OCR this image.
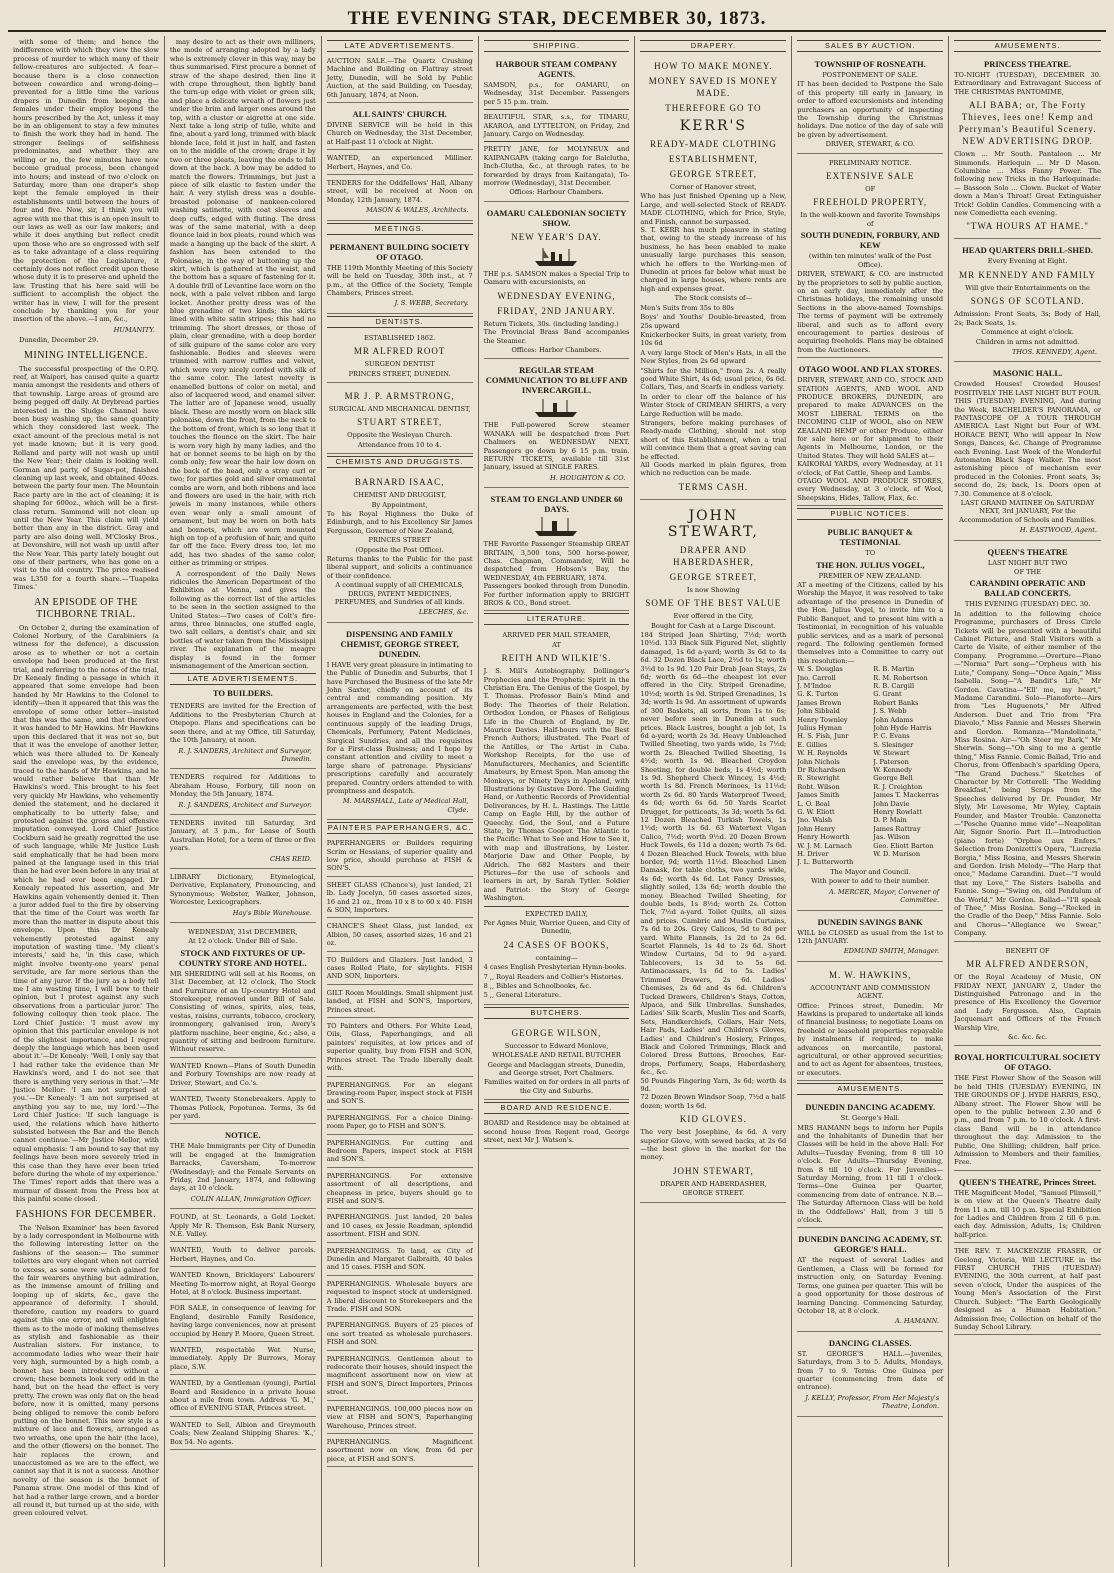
THE EVENING STAR, DECEMBER 30, 1873.

with some of them; and hence the indifference with which they view the slow process of murder to which many of their fellow-creatures are subjected. A fear—because there is a close connection between cowardice and wrong-doing—prevented for a little time the various drapers in Dunedin from keeping the females under their employ beyond the hours prescribed by the Act, unless it may be in an obligement to stay a few minutes to finish the work they had in hand. The stronger feelings of selfishness predominates, and whether they are willing or no, the few minutes have now become gradual process, been changed into hours; and instead of two o'clock on Saturday, more than one draper's shop kept the female employed in their establishments until between the hours of four and five. Now, sir, I think you will agree with me that this is an open insult to our laws as well as our law makers; and while it does anything but reflect credit upon those who are so engrossed with self as to take advantage of a class requiring the protection of the Legislature, it certainly does not reflect credit upon those whose duty it is to preserve and uphold the law. Trusting that his here said will be sufficient to accomplish the object the writer has in view, I will for the present conclude by thanking you for your insertion of the above.—I am, &c.,

HUMANITY.

Dunedin, December 29.

MINING INTELLIGENCE.

The successful prospecting of the O.P.Q. reef, at Waipori, has caused quite a quartz mania amongst the residents and others of that township. Large areas of ground are being pegged off daily. At Drybread parties interested in the Sludge Channel have been busy washing up, the same quantity which they considered last week. The exact amount of the precious metal is not yet made known; but it is very good. Rolland and party will not wash up until the New Year; their claim is looking well. Gorman and party, of Sugar-pot, finished cleaning up last week, and obtained 40ozs. between the party four men. The Mountain Race party are in the act of cleaning; it is shaping for 600oz., which will be a first-class return. Sammond will not clean up until the New Year. This claim will yield better than any in the district. Gray and party are also doing well. M'Closky Bros., at Devonshire, will not wash up until after the New Year. This party lately bought out one of their partners, who has gone on a visit to the old country. The price realised was L350 for a fourth share.—'Tuapeka Times.'

AN EPISODE OF THE TICHBORNE TRIAL.

On October 2, during the examination of Colonel Norbury, of the Carabiniers (a witness for the defence), a discussion arose as to whether or not a certain envelope had been produced at the first trial, and referring to the notes of the trial, Dr Kenealy finding a passage in which it appeared that some envelope had been handed by Mr Hawkins to the Colonel to identify—then it appeared that this was the envelope of some other letter—insisted that this was the same, and that therefore it was handed to Mr Hawkins. Mr Hawkins upon this declared that it was not so, but that it was the envelope of another letter, which was there alluded to. Dr Kenealy said the envelope was, by the evidence, traced to the hands of Mr Hawkins, and he would rather believe that than Mr Hawkins's word. This brought to his feet very quickly Mr Hawkins, who vehemently denied the statement, and he declared it emphatically to be utterly false, and protested against the gross and offensive imputation conveyed. Lord Chief Justice Cockburn said he greatly regretted the use of such language, while Mr Justice Lush said emphatically that he had been more pained at the language used in this trial than he had ever been before in any trial at which he had ever been engaged. Dr Kenealy repeated his assertion, and Mr Hawkins again vehemently denied it. Then a juror added fuel to the fire by observing that the time of the Court was worth far more than the matter in dispute about this envelope. Upon this Dr Kenealy vehemently protested against any imputation of wasting time. 'My client's interests,' said he, 'in this case, which might involve twenty-one years' penal servitude, are far more serious than the time of any juror. If the jury as a body tell me I am wasting time, I will bow to their opinion, but I protest against any such observations from a particular juror.' The following colloquy then took place. The Lord Chief Justice: 'I must avow my opinion that this particular envelope is not of the slightest importance, and I regret deeply the language which has been used about it.'—Dr Kenealy: 'Well, I only say that I had rather take the evidence than Mr Hawkins's word, and I do not see that there is anything very serious in that.'—Mr Justice Mellor: 'I am not surprised at you.'—Dr Kenealy: 'I am not surprised at anything you say to me, my lord.'—The Lord Chief Justice: 'If such language is used, the relations which have hitherto subsisted between the Bar and the Bench cannot continue.'—Mr Justice Mellor, with equal emphasis: 'I am bound to say that my feelings have been more severely tried in this case than they have ever been tried before during the whole of my experience.' The 'Times' report adds that there was a murmur of dissent from the Press box at this painful scene closed.

FASHIONS FOR DECEMBER.

The 'Nelson Examiner' has been favored by a lady correspondent in Melbourne with the following interesting letter on the fashions of the season:— The summer toilettes are very elegant when not carried to excess, as some were which gained for the fair wearers anything but admiration, as the immense amount of frilling and looping up of skirts, &c., gave the appearance of deformity. I should, therefore, caution my readers to guard against this one error, and will enlighten them as to the mode of making themselves as stylish and fashionable as their Australian sisters. For instance, to accommodate ladies who wear their hair very high, surmounted by a high comb, a bonnet has been introduced without a crown; these bonnets look very odd in the hand, but on the head the effect is very pretty. The crown was only flat on the head before, now it is omitted, many persons being obliged to remove the comb before putting on the bonnet. This new style is a mixture of lace and flowers, arranged as two wreaths, one upon the hair (the lace), and the other (flowers) on the bonnet. The hair replaces the crown, and unaccustomed as we are to the effect, we cannot say that it is not a success. Another novelty of the season is the bonnet of Panama straw. One model of this kind of hat had a rather large crown, and a border all round it, but turned up at the side, with green coloured velvet.

may desire to act as their own milliners, the mode of arranging adopted by a lady who is extremely clever in this way, may be thus summarised. First procure a bonnet of straw of the shape desired, then line it with crape throughout, then lightly band the turn-up edge with violet or green silk, and place a delicate wreath of flowers just under the brim and larger ones around the top, with a cluster or aigrette at one side. Next take a long strip of tulle, white and fine, about a yard long, trimmed with black blonde lace, fold it just in half, and fasten on to the middle of the crown; drape it by two or three pleats, leaving the ends to fall down at the back. A bow may be added to match the flowers. Trimmings, but just a piece of silk elastic to fasten under the hair. A very stylish dress was a double-breasted polonaise of nankeen-colored washing satinette, with coat sleeves and deep cuffs, edged with fluting. The dress was of the same material, with a deep flounce laid in box pleats, round which was made a hanging up the back of the skirt. A fashion has been extended to the Polonaise, in the way of buttoning up the skirt, which is gathered at the waist, and the bottom has a square of fastening for it. A double frill of Levantine lace worn on the neck, with a pale velvet ribbon and large locket. Another pretty dress was of the blue grenadine of two kinds; the skirts lined with white satin stripes; this had no trimming. The short dresses, or those of plain, clear grenadine, with a deep border of silk guipure of the same color are very fashionable. Bodies and sleeves were trimmed with narrow ruffles and velvet, which were very nicely corded with silk of the same color. The latest novelty is enamelled buttons of color on metal, and also of lacquered wood, and enamel silver. The latter are of Japanese wood, usually black. These are mostly worn on black silk polonaise, down the front, from the neck to the bottom of front, which is so long that it touches the flounce on the skirt. The hair is worn very high by many ladies, and the hat or bonnet seems to be high on by the comb only; few wear the hair low down on the back of the head, only a stray curl or two; for parties gold and silver ornamental combs are worn, and both ribbons and lace and flowers are used in the hair, with rich jewels in many instances, while others even wear only a small amount of ornament, but may be worn on both hats and bonnets, which are worn mounted high on top of a profusion of hair, and quite far off the face. Every dress too, let me add, has two shades of the same color, either as trimming or stripes.

A correspondent of the Daily News ridicules the American Department of the Exhibition at Vienna, and gives the following as the correct list of the articles to be seen in the section assigned to the United States:—Two cases of Colt's fire-arms, three binnacles, one stuffed eagle, two salt cellars, a dentist's chair, and six bottles of water taken from the Mississippi river. The explanation of the meagre display is found in the former mismanagement of the American section.

LATE ADVERTISEMENTS.
TO BUILDERS.

TENDERS are invited for the Erection of Additions to the Presbyterian Church at Otepopo. Plans and specifications can be seen there, and at my Office, till Saturday, the 10th January, at noon.

R. J. SANDERS, Architect and Surveyor, Dunedin.

TENDERS required for Additions to Abraham House, Forbury, till noon on Monday, the 5th January, 1874.

R. J. SANDERS, Architect and Surveyor.

TENDERS invited till Saturday, 3rd January, at 3 p.m., for Lease of South Australian Hotel, for a term of three or five years.

CHAS REID.

LIBRARY Dictionary, Etymological, Derivative, Explanatory, Pronouncing, and Synonymous; Webster, Walker, Johnson, Worcester, Lexicographers.

Hay's Bible Warehouse.

WEDNESDAY, 31st DECEMBER,
At 12 o'clock. Under Bill of Sale.
STOCK AND FIXTURES OF UP-COUNTRY STORE AND HOTEL.

MR SHERIDING will sell at his Rooms, on 31st December, at 12 o'clock, The Stock and Furniture of an Up-country Hotel and Storekeeper, removed under Bill of Sale. Consisting of wines, spirits, ales, teas, vestas, raisins, currants, tobacco, crockery, ironmongery, galvanised iron, Avery's platform machine, beer engine, &c.; also, a quantity of sitting and bedroom furniture. Without reserve.

WANTED Known—Plans of South Dunedin and Forbury Townships are now ready at Driver, Stewart, and Co.'s.

WANTED, Twenty Stonebreakers. Apply to Thomas Pollock, Popotunoa. Terms, 3s 6d per yard.

NOTICE.

THE Male Immigrants per City of Dunedin will be engaged at the Immigration Barracks, Caversham, To-morrow (Wednesday); and the Female Servants on Friday, 2nd January, 1874, and following days, at 10 o'clock.

COLIN ALLAN, Immigration Officer.

FOUND, at St. Leonards, a Gold Locket. Apply Mr R. Thomson, Esk Bank Nursery, N.E. Valley.

WANTED, Youth to deliver parcels. Herbert, Haynes, and Co.

WANTED Known, Bricklayers' Labourers' Meeting To-morrow night, at Royal George Hotel, at 8 o'clock. Business important.

FOR SALE, in consequence of leaving for England, desirable Family Residence, having large conveniences, now at present occupied by Henry P. Moore, Queen Street.

WANTED, respectable Wet Nurse, immediately. Apply Dr Burrows, Moray place, S.W.

WANTED, by a Gentleman (young), Partial Board and Residence in a private house about a mile from town. Address 'G. M.,' office of EVENING STAR, Princes street.

WANTED to Sell, Albion and Greymouth Coals; New Zealand Shipping Shares. 'K.,' Box 54. No agents.

LATE ADVERTISEMENTS.

AUCTION SALE.—The Quartz Crushing Machine and Building on Flattray street Jetty, Dunedin, will be Sold by Public Auction, at the said Building, on Tuesday, 6th January, 1874, at Noon.

ALL SAINTS' CHURCH.

DIVINE SERVICE will be held in this Church on Wednesday, the 31st December, at Half-past 11 o'clock at Night.

WANTED, an experienced Milliner. Herbert, Haynes, and Co.

TENDERS for the Oddfellows' Hall, Albany street, will be received at Noon on Monday, 12th January, 1874.

MASON & WALES, Architects.

MEETINGS.
PERMANENT BUILDING SOCIETY OF OTAGO.

THE 119th Monthly Meeting of this Society will be held on Tuesday, 30th inst., at 7 p.m., at the Office of the Society, Temple Chambers, Princes street.

J. S. WEBB, Secretary.

DENTISTS.
ESTABLISHED 1862.
MR ALFRED ROOT
SURGEON DENTIST
PRINCES STREET, DUNEDIN.
MR J. P. ARMSTRONG,
SURGICAL AND MECHANICAL DENTIST,
STUART STREET,
Opposite the Wesleyan Church.
Attendance from 10 to 4.
CHEMISTS AND DRUGGISTS.
BARNARD ISAAC,
CHEMIST AND DRUGGIST,
By Appointment,

To his Royal Highness the Duke of Edinburgh, and to his Excellency Sir James Fergusson, Governor of New Zealand,

PRINCES STREET
(Opposite the Post Office).

Returns thanks to the Public for the past liberal support, and solicits a continuance of their confidence.

A continual supply of all CHEMICALS, DRUGS, PATENT MEDICINES, PERFUMES, and Sundries of all kinds.

LEECHES, &c.

DISPENSING AND FAMILY CHEMIST, GEORGE STREET, DUNEDIN.

I HAVE very great pleasure in intimating to the Public of Dunedin and Suburbs, that I have Purchased the Business of the late Mr John Saxter, chiefly on account of its central and commanding position. My arrangements are perfected, with the best houses in England and the Colonies, for a continuous supply of the leading Drugs, Chemicals, Perfumery, Patent Medicines, Surgical Sundries, and all the requisites for a First-class Business; and I hope by constant attention and civility to meet a large share of patronage. Physicians' prescriptions carefully and accurately prepared. Country orders attended to with promptness and despatch.

M. MARSHALL, Late of Medical Hall, Clyde.

PAINTERS PAPERHANGERS, &C.

PAPERHANGERS or Builders requiring Scrim or Hessians, of superior quality and low price, should purchase at FISH & SON'S.

SHEET GLASS (Chance's), just landed, 21 lb. Lady Jocelyn, 50 cases assorted sizes, 16 and 21 oz., from 10 x 8 to 60 x 40. FISH & SON, Importers.

CHANCE'S Sheet Glass, just landed, ex Albion, 50 cases, assorted sizes, 16 and 21 oz.

TO Builders and Glaziers. Just landed, 3 cases Rolled Plate, for skylights. FISH AND SON, Importers.

GILT Room Mouldings. Small shipment just landed, at FISH and SON'S, Importers, Princes street.

TO Painters and Others. For White Lead, Oils, Glass, Paperhangings, and all painters' requisites, at low prices and of superior quality, buy from FISH and SON, Princes street. The Trade liberally dealt with.

PAPERHANGINGS. For an elegant Drawing-room Paper, inspect stock at FISH and SON'S.

PAPERHANGINGS. For a choice Dining-room Paper, go to FISH and SON'S.

PAPERHANGINGS. For cutting and Bedroom Papers, inspect stock at FISH and SON'S.

PAPERHANGINGS. For extensive assortment of all descriptions, and cheapness in price, buyers should go to FISH and SON'S.

PAPERHANGINGS. Just landed, 20 bales and 10 cases, ex Jessie Readman, splendid assortment. FISH and SON.

PAPERHANGINGS. To land, ex City of Dunedin and Margaret Galbraith, 40 bales and 15 cases. FISH and SON.

PAPERHANGINGS. Wholesale buyers are requested to inspect stock at undersigned. A liberal discount to Storekeepers and the Trade. FISH and SON.

PAPERHANGINGS. Buyers of 25 pieces of one sort treated as wholesale purchasers. FISH and SON.

PAPERHANGINGS. Gentlemen about to redecorate their houses, should inspect the magnificent assortment now on view at FISH and SON'S, Direct Importers, Princes street.

PAPERHANGINGS. 100,000 pieces now on view at FISH and SON'S, Paperhanging Warehouse, Princes street.

PAPERHANGINGS. Magnificent assortment now on view, from 6d per piece, at FISH and SON'S.

SHIPPING.
HARBOUR STEAM COMPANY AGENTS.

SAMSON, p.s., for OAMARU, on Wednesday, 31st December. Passengers per 5 15 p.m. train.

BEAUTIFUL STAR, s.s., for TIMARU, AKAROA, and LYTTELTON, on Friday, 2nd January. Cargo on Wednesday.

PRETTY JANE, for MOLYNEUX and KAIPANGAPA (taking cargo for Balclutha, Inch-Clutha, &c., at through rates, to be forwarded by drays from Kaitangata), To-morrow (Wednesday), 31st December.

Offices: Harbour Chambers.
OAMARU CALEDONIAN SOCIETY SHOW.
NEW YEAR'S DAY.

THE p.s. SAMSON makes a Special Trip to Oamaru with excursionists, on

WEDNESDAY EVENING,
FRIDAY, 2ND JANUARY.

Return Tickets, 30s. (including landing.)

The Provincial Brass Band accompanies the Steamer.

Offices: Harbor Chambers.
REGULAR STEAM COMMUNICATION TO BLUFF AND INVERCARGILL.

THE Full-powered Screw steamer WANAKA will be despatched from Port Chalmers on WEDNESDAY NEXT. Passengers go down by 6 15 p.m. train. RETURN TICKETS, available till 31st January, issued at SINGLE FARES.

H. HOUGHTON & CO.

STEAM TO ENGLAND UNDER 60 DAYS.

THE Favorite Passenger Steamship GREAT BRITAIN, 3,500 tons, 500 horse-power, Chas. Chapman, Commander, Will be despatched from Hobson's Bay, the WEDNESDAY, 4th FEBRUARY, 1874.

Passengers booked through from Dunedin. For further information apply to BRIGHT BROS & CO., Bond street.

LITERATURE.
ARRIVED PER MAIL STEAMER,
AT
REITH AND WILKIE'S.

J. S. Mill's Autobiography. Dollinger's Prophecies and the Prophetic Spirit in the Christian Era. The Genius of the Gospel, by T. Thomas. Professor Bain's Mind and Body: The Theories of their Relation. Orthodox London, or Phases of Religious Life in the Church of England, by Dr. Maurice Davies. Half-hours with the Best French Authors; illustrated. The Pearl of the Antilles, or The Artist in Cuba. Workshop Receipts, for the use of Manufacturers, Mechanics, and Scientific Amateurs, by Ernest Spon. Man among the Monkeys, or Ninety Days in Apeland, with Illustrations by Gustave Doré. The Guiding Hand, or Authentic Records of Providential Deliverances, by H. L. Hastings. The Little Camp on Eagle Hill, by the author of Queechy. God, the Soul, and a Future State, by Thomas Cooper. The Atlantic to the Pacific: What to See and How to See it, with map and illustrations, by Lester. Marjorie Daw and Other People, by Aldrich. The 682 Masters and their Pictures—for the use of schools and learners in art, by Sarah Tytler. Soldier and Patriot: the Story of George Washington.

EXPECTED DAILY,
Per Agnes Muir, Warrior Queen, and City of Dunedin,
24 CASES OF BOOKS,
containing—

4 cases English Presbyterian Hymn-books.

7 ,, Royal Readers and Collier's Histories.

8 ,, Bibles and Schoolbooks, &c.

5 ,, General Literature.

BUTCHERS.
GEORGE WILSON,
Successor to Edward Monlove,
WHOLESALE AND RETAIL BUTCHER

George and Maclaggan streets, Dunedin, and George street, Port Chalmers.

Families waited on for orders in all parts of the City and Suburbs.

BOARD AND RESIDENCE.

BOARD and Residence may be obtained at second house from Regent road, George street, next Mr J. Watson's.

DRAPERY.
HOW TO MAKE MONEY.
MONEY SAVED IS MONEY MADE.
THEREFORE GO TO
KERR'S
READY-MADE CLOTHING
ESTABLISHMENT,
GEORGE STREET,
Corner of Hanover street,

Who has just finished Opening up a New, Large, and well-selected Stock of READY-MADE CLOTHING, which for Price, Style, and Finish, cannot be surpassed.

S. T. KERR has much pleasure in stating that, owing to the steady increase of his business, he has been enabled to make unusually large purchases this season, which he offers to the Working-men of Dunedin at prices far below what must be charged in large houses, where rents are high and expenses great.

The Stock consists of—

Men's Suits from 35s to 80s

Boys' and Youths' Double-breasted, from 25s upward

Knickerbocker Suits, in great variety, from 10s 6d

A very large Stock of Men's Hats, in all the New Styles, from 2s 6d upward

"Shirts for the Million," from 2s. A really good White Shirt, 4s 6d; usual price, 6s 6d. Collars, Ties, and Scarfs in endless variety.

In order to clear off the balance of his Winter Stock of CRIMEAN SHIRTS, a very Large Reduction will be made.

Strangers, before making purchases of Ready-made Clothing, should not stop short of this Establishment, when a trial will convince them that a great saving can be effected.

All Goods marked in plain figures, from which no reduction can be made.

TERMS CASH.
JOHN STEWART,
DRAPER AND HABERDASHER,
GEORGE STREET,
Is now Showing
SOME OF THE BEST VALUE
Ever offered in the City,
Bought for Cash at a Large Discount.

184 Striped Jean Shirting, 7½d; worth 10½d. 133 Black Silk Figured Net, slightly damaged, 1s 6d a-yard; worth 3s 6d to 4s 6d. 32 Dozen Black Lace, 2½d to 1s; worth 3½d to 1s 9d. 120 Pair Drab Jean Stays, 2s 6d; worth 6s 6d—the cheapest lot ever offered in the City. Striped Grenadine, 10½d; worth 1s 9d. Striped Grenadines, 1s 3d; worth 1s 9d. An assortment of upwards of 300 Baskets, all sorts, from 1s to 6s; never before seen in Dunedin at such prices. Black Lustres, bought a job lot, 1s 6d a-yard; worth 2s 3d. Heavy Unbleached Twilled Sheeting, two yards wide, 1s 7½d; worth 2s. Bleached Twilled Sheeting, 1s 4½d; worth 1s 9d. Bleached Croydon Sheeting, for double beds, 1s 4½d; worth 1s 9d. Shepherd Check Wincey, 1s 4½d; worth 1s 8d. French Merinoes, 1s 11½d; worth 2s 6d. 80 Yards Waterproof Tweed, 4s 6d; worth 6s 6d. 50 Yards Scarlet Drugget, for petticoats, 3s 3d; worth 5s 6d. 12 Dozen Bleached Turkish Towels, 1s 1½d; worth 1s 6d. 63 Watertext Vigan Calico, 7½d; worth 9½d. 20 Dozen Brown Huck Towels, 6s 11d a dozen; worth 7s 6d. 4 Dozen Bleached Huck Towels, with blue border, 9d; worth 11½d. Bleached Linen Damask, for table cloths, two yards wide, 4s 6d; worth 4s 6d. Lot Fancy Dresses, slightly soiled, 13s 6d; worth double the money. Bleached Twilled Sheeting, for double beds, 1s 8½d; worth 2s. Cotton Tick, 7½d a-yard. Toilet Quilts, all sizes and prices. Cambric and Muslin Curtains, 7s 6d to 20s. Grey Calicos, 5d to 8d per yard. White Flannels, 1s 2d to 2s 6d. Scarlet Flannels, 1s 4d to 2s 6d. Short Window Curtains, 5d to 9d a-yard. Tablecovers, 1s 3d to 5s 6d. Antimacassars, 1s 6d to 5s. Ladies' Trimmed Drawers, 2s 6d. Ladies' Chemises, 2s 6d and 4s 6d. Children's Tucked Drawers, Children's Stays, Cotton, Alpaca, and Silk Umbrellas. Sunshades, Ladies' Silk Scarfs, Muslin Ties and Scarfs, Sets, Handkerchiefs, Collars, Hair Nets, Hair Pads, Ladies' and Children's Gloves, Ladies' and Children's Hosiery, Fringes, Black and Colored Trimmings, Black and Colored Dress Buttons, Brooches, Ear-drops, Perfumery, Soaps, Haberdashery, &c., &c.

50 Pounds Fingering Yarn, 3s 6d; worth 4s 9d.

72 Dozen Brown Windsor Soap, 7½d a half-dozen; worth 1s 6d.

KID GLOVES.

The very best Josephine, 4s 6d. A very superior Glove, with sewed backs, at 2s 6d—the best glove in the market for the money.

JOHN STEWART,
DRAPER AND HABERDASHER,
GEORGE STREET.
SALES BY AUCTION.
TOWNSHIP OF ROSNEATH.
POSTPONEMENT OF SALE.

IT has been decided to Postpone the Sale of this property till early in January, in order to afford excursionists and intending purchasers an opportunity of inspecting the Township during the Christmas holidays. Due notice of the day of sale will be given by advertisement.

DRIVER, STEWART, & CO.
PRELIMINARY NOTICE.
EXTENSIVE SALE
OF
FREEHOLD PROPERTY,
In the well-known and favorite Townships of
SOUTH DUNEDIN, FORBURY, AND KEW
(within ten minutes' walk of the Post Office).

DRIVER, STEWART, & CO. are instructed by the proprietors to sell by public auction, on an early day, immediately after the Christmas holidays, the remaining unsold Sections in the above-named Townships. The terms of payment will be extremely liberal, and such as to afford every encouragement to parties desirous of acquiring freeholds. Plans may be obtained from the Auctioneers.

OTAGO WOOL AND FLAX STORES.

DRIVER, STEWART, AND CO., STOCK AND STATION AGENTS, AND WOOL AND PRODUCE BROKERS, DUNEDIN, are prepared to make ADVANCES on the MOST LIBERAL TERMS on the INCOMING CLIP of WOOL, also on NEW ZEALAND HEMP or other Produce, either for sale here or for shipment to their Agents in Melbourne, London, or the United States. They will hold SALES at—

KAIKORAI YARDS, every Wednesday, at 11 o'clock, of Fat Cattle, Sheep and Lambs.

OTAGO WOOL AND PRODUCE STORES, every Wednesday, at 3 o'clock, of Wool, Sheepskins, Hides, Tallow, Flax, &c.

PUBLIC NOTICES.
PUBLIC BANQUET & TESTIMONIAL
TO
THE HON. JULIUS VOGEL,
PREMIER OF NEW ZEALAND.

AT a meeting of the Citizens, called by his Worship the Mayor, it was resolved to take advantage of the presence in Dunedin of the Hon. Julius Vogel, to invite him to a Public Banquet, and to present him with a Testimonial, in recognition of his valuable public services, and as a mark of personal regard. The following gentlemen formed themselves into a Committee to carry out this resolution:—

W. S. Douglas	R. B. Martin
Jno. Carroll	R. M. Robertson
J. M'Indoe	R. B. Cargill
G. K. Turton	G. Grant
James Brown	Robert Banks
John Sibbald	J. S. Webb
Henry Townley	John Adams
Julius Hyman	John Hyde Harris
H. S. Fish, Junr	P. C. Evans
E. Gillies	S. Slesinger
W. H. Reynolds	W. Stewart
John Nichols	J. Paterson
Dr Richardson	W. Kennedy
R. Stewright	George Bell
Robt. Wilson	R. J. Creighton
James Smith	James T. Mackerras
L. O. Beal	John Davie
G. W. Eliott	Henry Rowlatt
Jno. Walsh	D. P. Main
John Henry	James Rattray
Henry Howorth	Jas. Wilson
W. J. M. Larnach	Geo. Eliott Barton
H. Driver	W. D. Murison
J. L. Butterworth
The Mayor and Council.
With power to add to their number.

A. MERCER, Mayor, Convener of Committee.

DUNEDIN SAVINGS BANK

WILL be CLOSED as usual from the 1st to 12th JANUARY.

EDMUND SMITH, Manager.

M. W. HAWKINS,
ACCOUNTANT AND COMMISSION AGENT.

Office: Princes street, Dunedin. Mr Hawkins is prepared to undertake all kinds of financial business; to negotiate Loans on freehold or leasehold properties repayable by instalments if required; to make advances on mercantile, pastoral, agricultural, or other approved securities; and to act as Agent for absentees, trustees, or executors.

AMUSEMENTS.
DUNEDIN DANCING ACADEMY.
St. George's Hall.

MRS HAMANN begs to inform her Pupils and the Inhabitants of Dunedin that her Classes will be held in the above Hall: For Adults—Tuesday Evening, from 8 till 10 o'clock. For Adults—Thursday Evening, from 8 till 10 o'clock. For Juveniles—Saturday Morning, from 11 till 1 o'clock. Terms—One Guinea per Quarter, commencing from date of entrance. N.B.—The Saturday Afternoon Class will be held in the Oddfellows' Hall, from 3 till 5 o'clock.

DUNEDIN DANCING ACADEMY, ST. GEORGE'S HALL.

AT the request of several Ladies and Gentlemen, a Class will be formed for instruction only, on Saturday Evening. Terms, one guinea per quarter. This will be a good opportunity for those desirous of learning Dancing. Commencing Saturday, October 18, at 8 o'clock.

A. HAMANN.

DANCING CLASSES.

ST. GEORGE'S HALL.—Juveniles, Saturdays, from 3 to 5. Adults, Mondays, from 7 to 9. Terms: One Guinea per quarter (commencing from date of entrance).

J. KELLY, Professor, From Her Majesty's Theatre, London.

AMUSEMENTS.
PRINCESS THEATRE.

TO-NIGHT (TUESDAY), DECEMBER 30. Extraordinary and Extravagant Success of THE CHRISTMAS PANTOMIME,

ALI BABA; or, The Forty Thieves, lees one! Kemp and Perryman's Beautiful Scenery. NEW ADVERTISING DROP.

Clown ... Mr South. Pantaloon ... Mr Simmonds. Harlequin ... Mr D Mason. Columbine ... Miss Fanny Power. The following new Tricks in the Harlequinade:— Bassoon Solo ... Clown. Bucket of Water down a Man's Throat! Great Extinguisher Trick! Goblin Candles. Commencing with a new Comedietta each evening.

"TWA HOURS AT HAME."
HEAD QUARTERS DRILL-SHED.
Every Evening at Eight.
MR KENNEDY AND FAMILY
Will give their Entertainments on the
SONGS OF SCOTLAND.

Admission: Front Seats, 3s; Body of Hall, 2s; Back Seats, 1s.

Commence at eight o'clock.
Children in arms not admitted.

THOS. KENNEDY, Agent.

MASONIC HALL.

Crowded Houses! Crowded Houses! POSITIVELY THE LAST NIGHT BUT FOUR. THIS (TUESDAY) EVENING, And during the Week, BACHELDER'S PANORAMA, or PANTASCOPE OF A TOUR THROUGH AMERICA. Last Night but Four of WM. HORACE BENT, Who will appear In New Songs, Dances, &c. Change of Programme each Evening. Last Week of the Wonderful Automaton Black Sage Walker. The most astonishing piece of mechanism ever produced in the Colonies. Front seats, 3s; second do, 2s; back, 1s. Doors open at 7.30. Commence at 8 o'clock.

LAST GRAND MATINEE On SATURDAY NEXT, 3rd JANUARY, For the Accommodation of Schools and Families.

H. EASTWOOD, Agent.

QUEEN'S THEATRE
LAST NIGHT BUT TWO
OF THE
CARANDINI OPERATIC AND BALLAD CONCERTS.
THIS EVENING (TUESDAY) DEC. 30.

In addition to the following choice Programme, purchasers of Dress Circle Tickets will be presented with a beautiful Cabinet Picture, and Stall Visitors with a Carte de Visite, of either member of the Company. Programme.—Overture—Piano—"Norma" Part song—"Orpheus with his Lute," Company. Song—"Once Again," Miss Isabella. Song—"A Bandit's Life," Mr Gordon. Cavatina—"Ell' me, my heart," Madame Carandini. Solo—Pianoforte—Airs from "Les Huguenots," Mr Alfred Anderson. Duet and Trio from "Fra Diavolo," Miss Fannie and Messrs Sherwin and Gordon. Romanza—"Mandolinata," Miss Rosina. Air—"Oh Steer my Bark," Mr Sherwin. Song—"Oh sing to me a gentle thing," Miss Fannie. Comic Ballad, Trio and Chorus, from Offenbach's sparkling Opera, "The Grand Duchess." Sketches of Character by Mr Cotterell: "The Wedding Breakfast," being Scraps from the Speeches delivered by Dr. Pounder, Mr Slyly, Mr Lovesome, Mr Wyley, Captain Founder, and Master Trouble. Canzonetta—"Pesche Quanno mme vide"—Neapolitan Air, Signor Snorio. Part II.—Introduction (piano forte) "Orphee aux Enfers." Selection from Donizetti's Opera, "Lucrezia Borgia," Miss Rosina, and Messrs Sherwin and Gordon. Irish Melody—"The Harp that once," Madame Carandini. Duet—"I would that my Love," The Sisters Isabella and Fannie. Song—"Swing on, old Pendulum of the World," Mr Gordon. Ballad—"I'll speak of Thee," Miss Rosina. Song—"Rocked in the Cradle of the Deep," Miss Fannie. Solo and Chorus—"Allegiance we Swear," Company.

BENEFIT OF
MR ALFRED ANDERSON,

Of the Royal Academy of Music, ON FRIDAY NEXT, JANUARY 2, Under the Distinguished Patronage and in the presence of His Excellency the Governor and Lady Fergusson. Also, Captain Jacquemart and Officers of the French Warship Vire,

&c. &c. &c.
ROYAL HORTICULTURAL SOCIETY OF OTAGO.

THE First Flower Show of the Season will be held THIS (TUESDAY) EVENING, IN THE GROUNDS OF J. HYDE HARRIS, ESQ., Albany street. The Flower Show will be open to the public between 2.30 and 6 p.m., and from 7 p.m. to 10 o'clock. A first-class Band will be in attendance throughout the day. Admission to the Public, One Shilling; children, half price. Admission to Members and their families, Free.

QUEEN'S THEATRE, Princes Street.

THE Magnificent Model, "Samuel Plimsoll," is on view at the Queen's Theatre daily from 11 a.m. till 10 p.m. Special Exhibition for Ladies and Children from 2 till 6 p.m. each day. Admission, Adults, 1s; Children half-price.

THE REV. T. MACKENZIE FRASER, Of Geelong, Victoria, Will LECTURE in the FIRST CHURCH THIS (TUESDAY) EVENING, the 30th current, at half past seven o'clock, Under the auspices of the Young Men's Association of the First Church. Subject: "The Earth Geologically designed as a Human Habitation." Admission free; Collection on behalf of the Sunday School Library.
